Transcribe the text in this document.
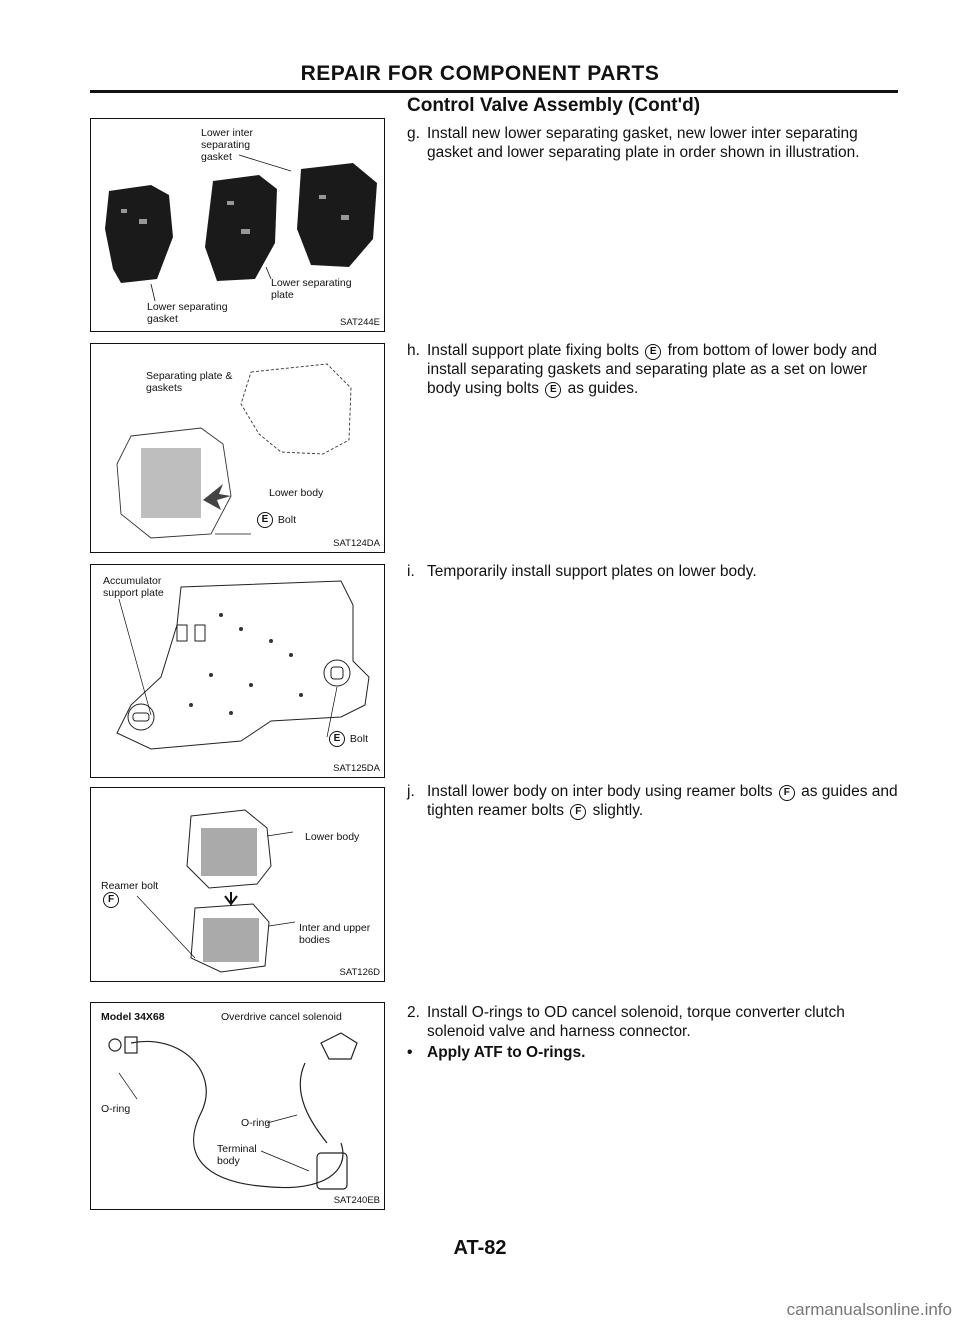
REPAIR FOR COMPONENT PARTS
Control Valve Assembly (Cont'd)
Lower inter separating gasket
Lower separating plate
Lower separating gasket	SAT244E
Separating plate & gaskets
Lower body
E Bolt
SAT124DA
Accumulator support plate
E Bolt
SAT125DA
Lower body
Reamer bolt F
Inter and upper bodies
SAT126D
Model 34X68	Overdrive cancel solenoid
O-ring
O-ring
Terminal body
SAT240EB
g. Install new lower separating gasket, new lower inter separating gasket and lower separating plate in order shown in illustration.
h. Install support plate fixing bolts E from bottom of lower body and install separating gaskets and separating plate as a set on lower body using bolts E as guides.
i. Temporarily install support plates on lower body.
j. Install lower body on inter body using reamer bolts F as guides and tighten reamer bolts F slightly.
2. Install O-rings to OD cancel solenoid, torque converter clutch solenoid valve and harness connector.
• Apply ATF to O-rings.
AT-82
carmanualsonline.info
